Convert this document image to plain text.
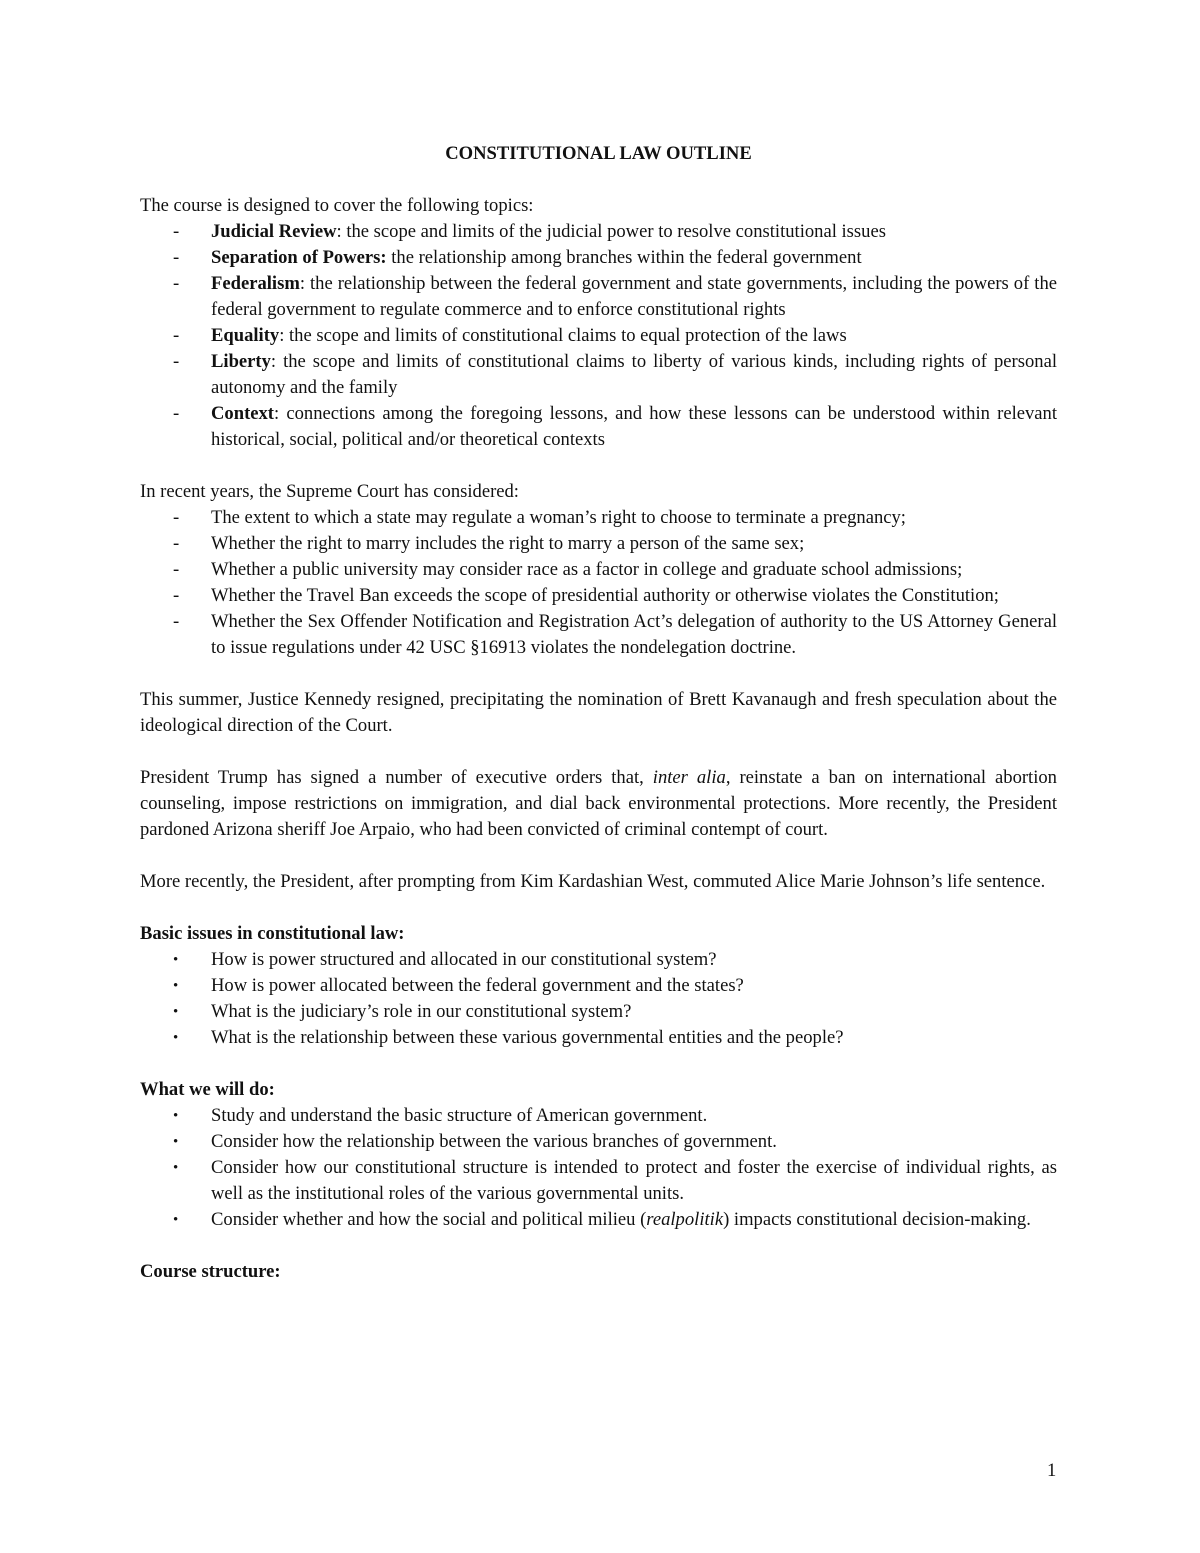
CONSTITUTIONAL LAW OUTLINE

The course is designed to cover the following topics:

- Judicial Review: the scope and limits of the judicial power to resolve constitutional issues
- Separation of Powers: the relationship among branches within the federal government
- Federalism: the relationship between the federal government and state governments, including the powers of the federal government to regulate commerce and to enforce constitutional rights
- Equality: the scope and limits of constitutional claims to equal protection of the laws
- Liberty: the scope and limits of constitutional claims to liberty of various kinds, including rights of personal autonomy and the family
- Context: connections among the foregoing lessons, and how these lessons can be understood within relevant historical, social, political and/or theoretical contexts

In recent years, the Supreme Court has considered:

- The extent to which a state may regulate a woman’s right to choose to terminate a pregnancy;
- Whether the right to marry includes the right to marry a person of the same sex;
- Whether a public university may consider race as a factor in college and graduate school admissions;
- Whether the Travel Ban exceeds the scope of presidential authority or otherwise violates the Constitution;
- Whether the Sex Offender Notification and Registration Act’s delegation of authority to the US Attorney General to issue regulations under 42 USC §16913 violates the nondelegation doctrine.

This summer, Justice Kennedy resigned, precipitating the nomination of Brett Kavanaugh and fresh speculation about the ideological direction of the Court.

President Trump has signed a number of executive orders that, inter alia, reinstate a ban on international abortion counseling, impose restrictions on immigration, and dial back environmental protections. More recently, the President pardoned Arizona sheriff Joe Arpaio, who had been convicted of criminal contempt of court.

More recently, the President, after prompting from Kim Kardashian West, commuted Alice Marie Johnson’s life sentence.

Basic issues in constitutional law:

• How is power structured and allocated in our constitutional system?
• How is power allocated between the federal government and the states?
• What is the judiciary’s role in our constitutional system?
• What is the relationship between these various governmental entities and the people?

What we will do:

• Study and understand the basic structure of American government.
• Consider how the relationship between the various branches of government.
• Consider how our constitutional structure is intended to protect and foster the exercise of individual rights, as well as the institutional roles of the various governmental units.
• Consider whether and how the social and political milieu (realpolitik) impacts constitutional decision-making.

Course structure:

1
